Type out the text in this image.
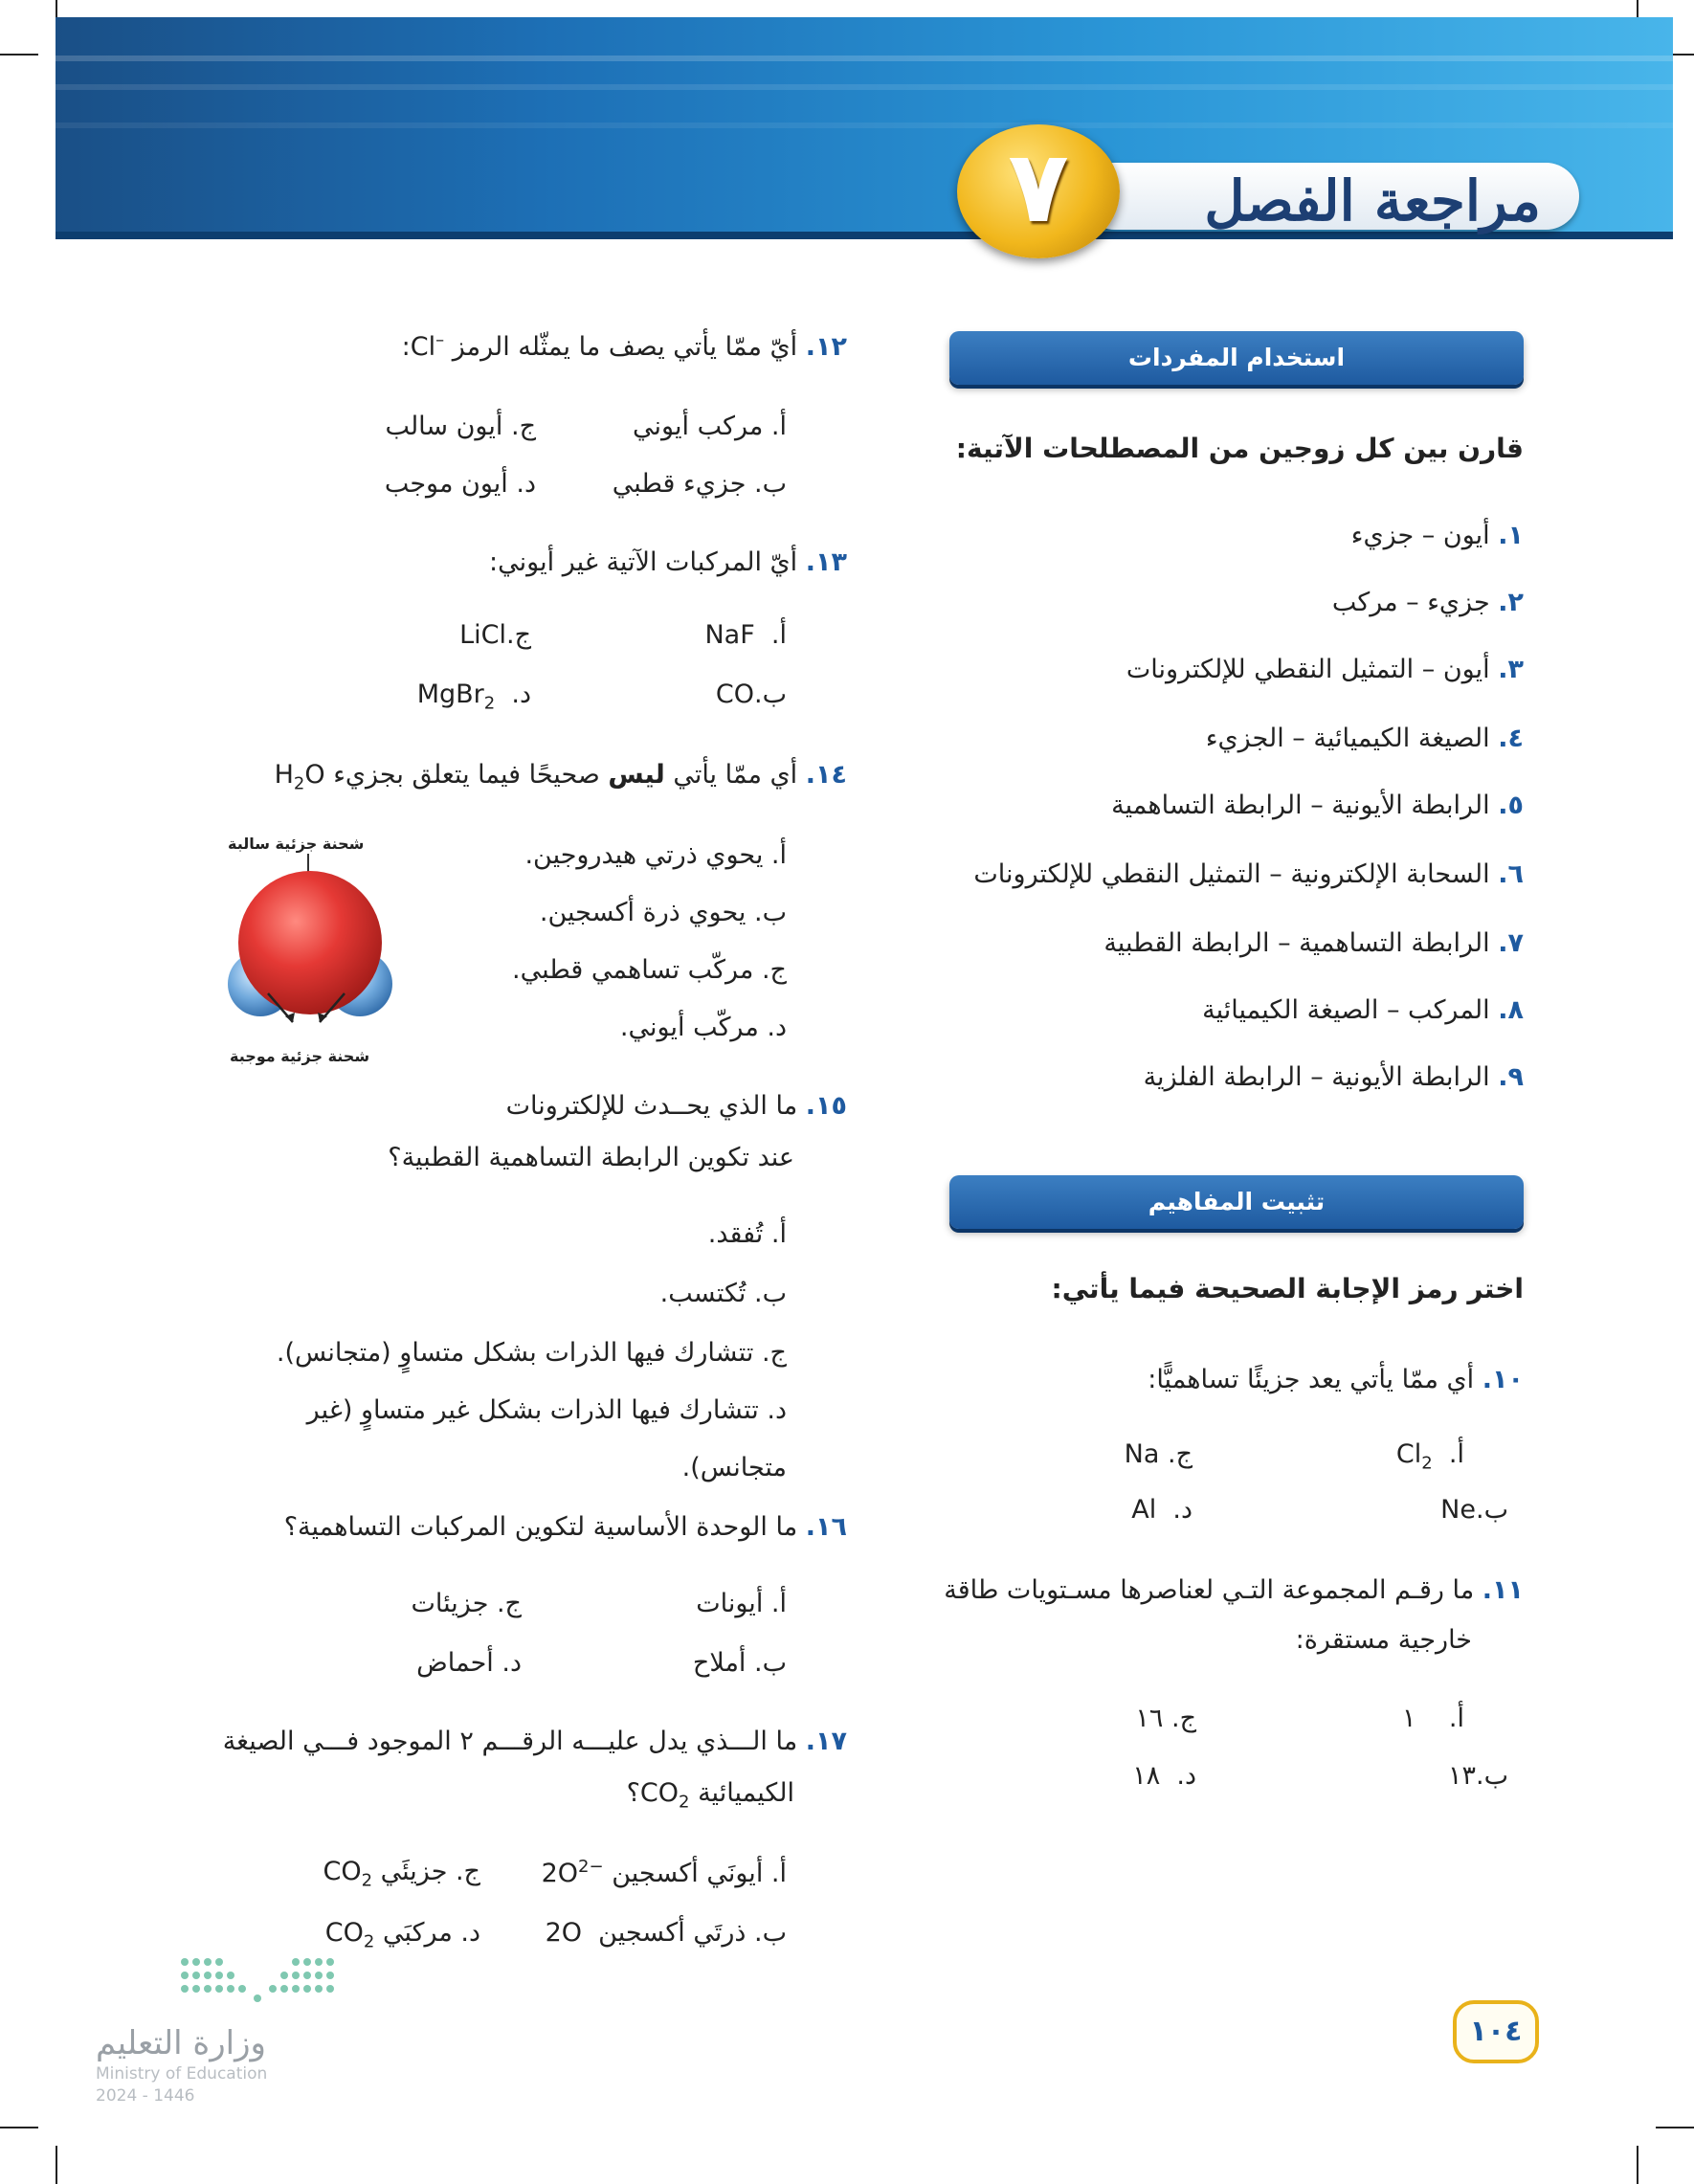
مراجعة الفصل
٧
استخدام المفردات
قارن بين كل زوجين من المصطلحات الآتية:
١. أيون – جزيء
٢. جزيء – مركب
٣. أيون – التمثيل النقطي للإلكترونات
٤. الصيغة الكيميائية – الجزيء
٥. الرابطة الأيونية – الرابطة التساهمية
٦. السحابة الإلكترونية – التمثيل النقطي للإلكترونات
٧. الرابطة التساهمية – الرابطة القطبية
٨. المركب – الصيغة الكيميائية
٩. الرابطة الأيونية – الرابطة الفلزية
تثبيت المفاهيم
اختر رمز الإجابة الصحيحة فيما يأتي:
١٠. أي ممّا يأتي يعد جزيئًا تساهميًّا:
أ.  $Cl_2$
ب.Ne
ج. Na
د.  Al
١١. ما رقـم المجموعة التـي لعناصرها مسـتويات طاقة
خارجية مستقرة:
أ.    ١
ب.١٣
ج. ١٦
د.  ١٨
١٢. أيّ ممّا يأتي يصف ما يمثّله الرمز Cl–:
أ. مركب أيوني
ب. جزيء قطبي
ج. أيون سالب
د. أيون موجب
١٣. أيّ المركبات الآتية غير أيوني:
أ.  NaF
ب.CO
ج.LiCl
د.  MgBr$_2$
١٤. أي ممّا يأتي ليس صحيحًا فيما يتعلق بجزيء $H_2O$
أ. يحوي ذرتي هيدروجين.
ب. يحوي ذرة أكسجين.
ج. مركّب تساهمي قطبي.
د. مركّب أيوني.
شحنة جزئية سالبة
شحنة جزئية موجبة
١٥. ما الذي يحــدث للإلكترونات
عند تكوين الرابطة التساهمية القطبية؟
أ. تُفقد.
ب. تُكتسب.
ج. تتشارك فيها الذرات بشكل متساوٍ (متجانس).
د. تتشارك فيها الذرات بشكل غير متساوٍ (غير
متجانس).
١٦. ما الوحدة الأساسية لتكوين المركبات التساهمية؟
أ. أيونات
ب. أملاح
ج. جزيئات
د. أحماض
١٧. ما الـــذي يدل عليـــه الرقـــم ٢ الموجود فـــي الصيغة
الكيميائية $CO_2؟$
أ. أيونَي أكسجين $2O^{2-}$
ب. ذرتَي أكسجين  2O
ج. جزيئَي $CO_2$
د. مركبَي $CO_2$
١٠٤
وزارة التعليم
Ministry of Education
2024 - 1446
